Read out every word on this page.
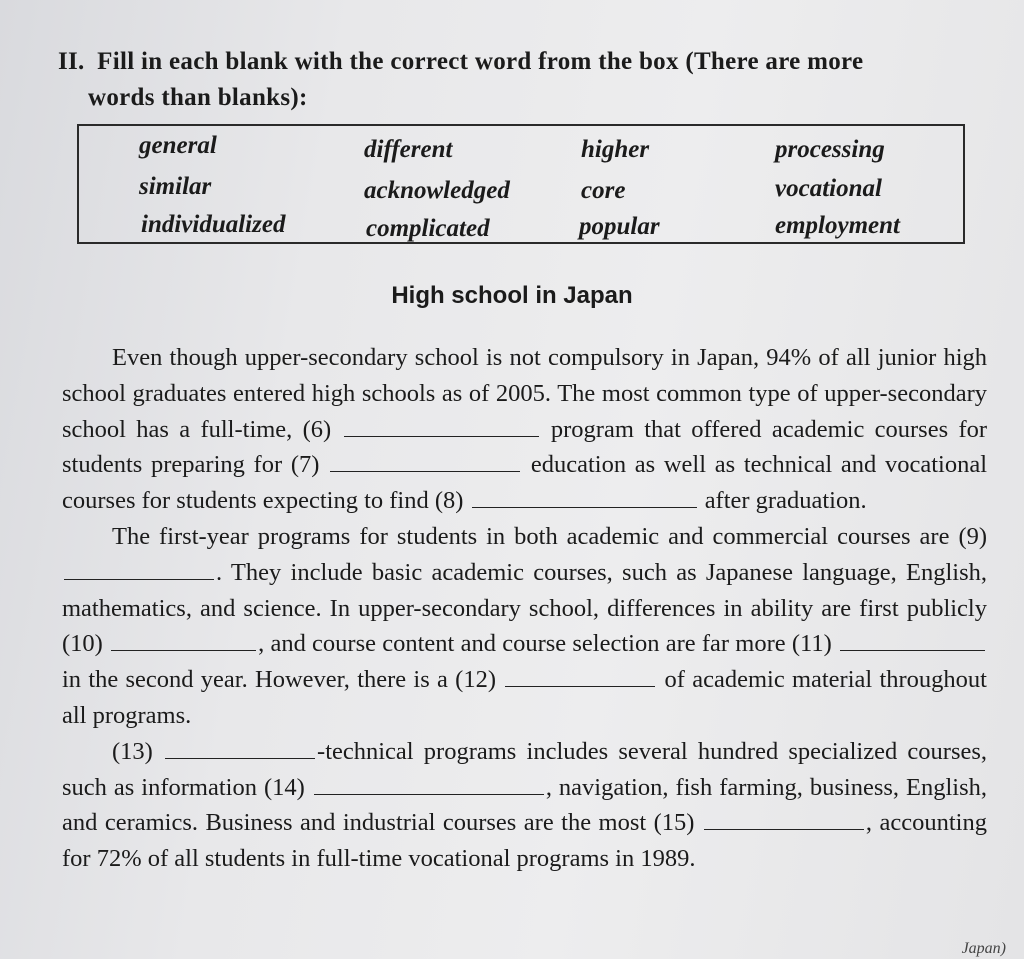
II. Fill in each blank with the correct word from the box (There are more
words than blanks):
general	different	higher	processing
similar	acknowledged	core	vocational
individualized	complicated	popular	employment
High school in Japan

Even though upper-secondary school is not compulsory in Japan, 94% of all junior high school graduates entered high schools as of 2005. The most common type of upper-secondary school has a full-time, (6)	program that offered academic courses for students preparing for (7)	education as well as technical and vocational courses for students expecting to find (8)	after graduation.

The first-year programs for students in both academic and commercial courses are (9) . They include basic academic courses, such as Japanese language, English, mathematics, and science. In upper-secondary school, differences in ability are first publicly (10)	, and course content and course selection are far more (11)  in the second year. However, there is a (12)	of academic material throughout all programs.

(13)	-technical programs includes several hundred specialized courses, such as information (14)	, navigation, fish farming, business, English, and ceramics. Business and industrial courses are the most (15)	, accounting for 72% of all students in full-time vocational programs in 1989.

Japan)
